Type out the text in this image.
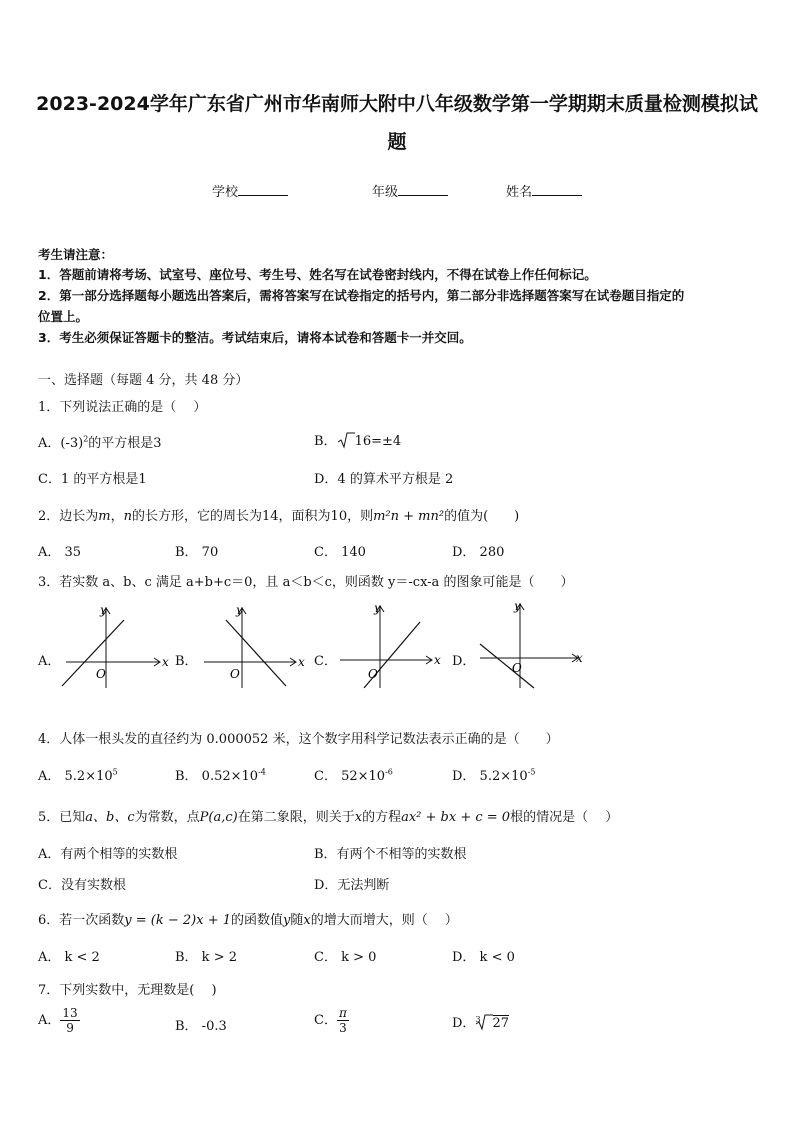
2023-2024学年广东省广州市华南师大附中八年级数学第一学期期末质量检测模拟试
题
学校	年级	姓名
考生请注意：
1．答题前请将考场、试室号、座位号、考生号、姓名写在试卷密封线内，不得在试卷上作任何标记。
2．第一部分选择题每小题选出答案后，需将答案写在试卷指定的括号内，第二部分非选择题答案写在试卷题目指定的
位置上。
3．考生必须保证答题卡的整洁。考试结束后，请将本试卷和答题卡一并交回。
一、选择题（每题 4 分，共 48 分）
1．下列说法正确的是（　 ）
A．$(-3)^2$的平方根是3	B． 16=±4
C．1 的平方根是1	D．4 的算术平方根是 2
2．边长为m，n的长方形，它的周长为14，面积为10，则m²n + mn²的值为(　　)
A． 35	B． 70	C． 140	D． 280
3．若实数 a、b、c 满足 a+b+c＝0，且 a＜b＜c，则函数 y＝-cx-a 的图象可能是（　　）
A．	x
y
O
B．	x
y
O
C．	x
y
O
D．	x
y
O
4．人体一根头发的直径约为 0.000052 米，这个数字用科学记数法表示正确的是（　　）
A． $5.2\times 10^5$	B． $0.52\times 10^{-4}$	C． $52\times 10^{-6}$	D． $5.2\times 10^{-5}$
5．已知a、b、c为常数，点P(a,c)在第二象限，则关于x的方程ax² + bx + c = 0根的情况是（　 ）
A．有两个相等的实数根	B．有两个不相等的实数根
C．没有实数根	D．无法判断
6．若一次函数y = (k − 2)x + 1的函数值y随x的增大而增大，则（　 ）
A． k < 2	B． k > 2	C． k > 0	D． k < 0
7．下列实数中，无理数是(　 )
A． $\frac{13}{9}$	B． -0.3	C． $\frac{\pi}{3}$	D．$^3$ 27
